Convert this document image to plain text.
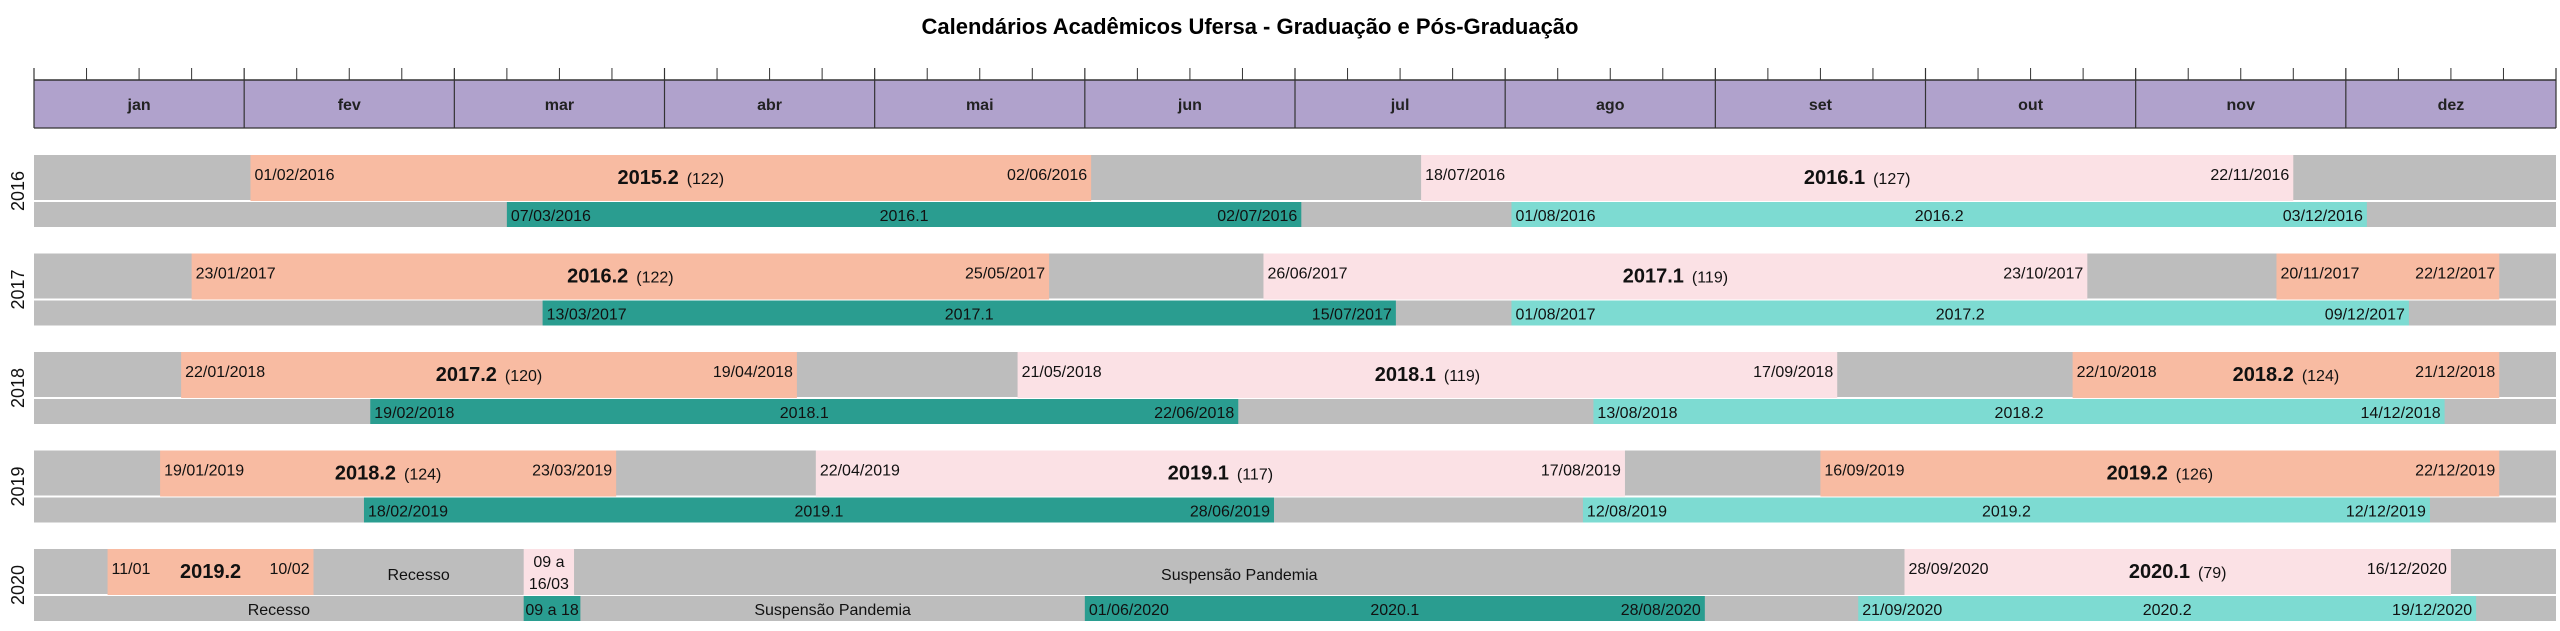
Calendários Acadêmicos Ufersa - Graduação e Pós-Graduação
jan	fev	mar	abr	mai	jun	jul	ago	set	out	nov	dez
01/02/2016	02/06/2016
2015.2 (122)	18/07/2016	22/11/2016
2016.1 (127)
07/03/2016	02/07/2016
2016.1	01/08/2016	03/12/2016
2016.2
2016
23/01/2017	25/05/2017
2016.2 (122)	26/06/2017	23/10/2017
2017.1 (119)	20/11/2017	22/12/2017
13/03/2017	15/07/2017
2017.1	01/08/2017	09/12/2017
2017.2
2017
22/01/2018	19/04/2018
2017.2 (120)	21/05/2018	17/09/2018
2018.1 (119)	22/10/2018	21/12/2018
2018.2 (124)
19/02/2018	22/06/2018
2018.1	13/08/2018	14/12/2018
2018.2
2018
19/01/2019	23/03/2019
2018.2 (124)	22/04/2019	17/08/2019
2019.1 (117)	16/09/2019	22/12/2019
2019.2 (126)
18/02/2019	28/06/2019
2019.1	12/08/2019	12/12/2019
2019.2
2019
11/01	10/02
2019.2	Recesso
09 a
16/03
Suspensão Pandemia	28/09/2020	16/12/2020
2020.1 (79)
Recesso	09 a 18	Suspensão Pandemia	01/06/2020	28/08/2020
2020.1	21/09/2020	19/12/2020
2020.2
2020
